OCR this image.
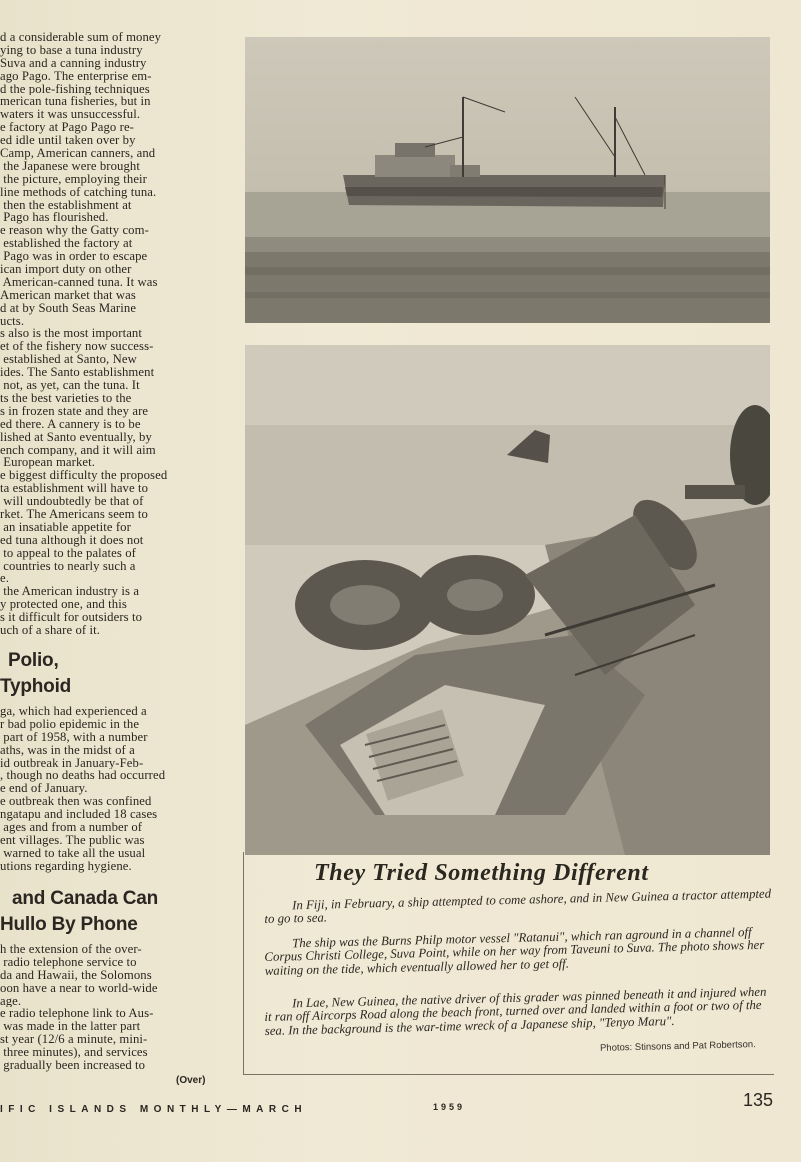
d a considerable sum of money
ying to base a tuna industry
Suva and a canning industry
ago Pago. The enterprise em-
d the pole-fishing techniques
merican tuna fisheries, but in
waters it was unsuccessful.
e factory at Pago Pago re-
ed idle until taken over by
Camp, American canners, and
the Japanese were brought
the picture, employing their
line methods of catching tuna.
then the establishment at
Pago has flourished.
e reason why the Gatty com-
established the factory at
Pago was in order to escape
ican import duty on other
American-canned tuna. It was
American market that was
d at by South Seas Marine
ucts.
s also is the most important
et of the fishery now success-
established at Santo, New
ides. The Santo establishment
not, as yet, can the tuna. It
ts the best varieties to the
s in frozen state and they are
ed there. A cannery is to be
lished at Santo eventually, by
ench company, and it will aim
European market.
e biggest difficulty the proposed
ta establishment will have to
will undoubtedly be that of
rket. The Americans seem to
an insatiable appetite for
ed tuna although it does not
to appeal to the palates of
countries to nearly such a
e.
the American industry is a
y protected one, and this
s it difficult for outsiders to
uch of a share of it.
Polio,
Typhoid
ga, which had experienced a
r bad polio epidemic in the
part of 1958, with a number
aths, was in the midst of a
id outbreak in January-Feb-
, though no deaths had occurred
e end of January.
e outbreak then was confined
ngatapu and included 18 cases
ages and from a number of
ent villages. The public was
warned to take all the usual
utions regarding hygiene.
and Canada Can
Hullo By Phone
h the extension of the over-
radio telephone service to
da and Hawaii, the Solomons
oon have a near to world-wide
age.
e radio telephone link to Aus-
was made in the latter part
st year (12/6 a minute, mini-
three minutes), and services
gradually been increased to
(Over)
They Tried Something Different
In Fiji, in February, a ship attempted to come ashore, and in New Guinea a tractor attempted to go to sea.
The ship was the Burns Philp motor vessel "Ratanui", which ran aground in a channel off Corpus Christi College, Suva Point, while on her way from Taveuni to Suva. The photo shows her waiting on the tide, which eventually allowed her to get off.
In Lae, New Guinea, the native driver of this grader was pinned beneath it and injured when it ran off Aircorps Road along the beach front, turned over and landed within a foot or two of the sea. In the background is the war-time wreck of a Japanese ship, "Tenyo Maru".
Photos: Stinsons and Pat Robertson.
IFIC ISLANDS MONTHLY—MARCH	1959	135
